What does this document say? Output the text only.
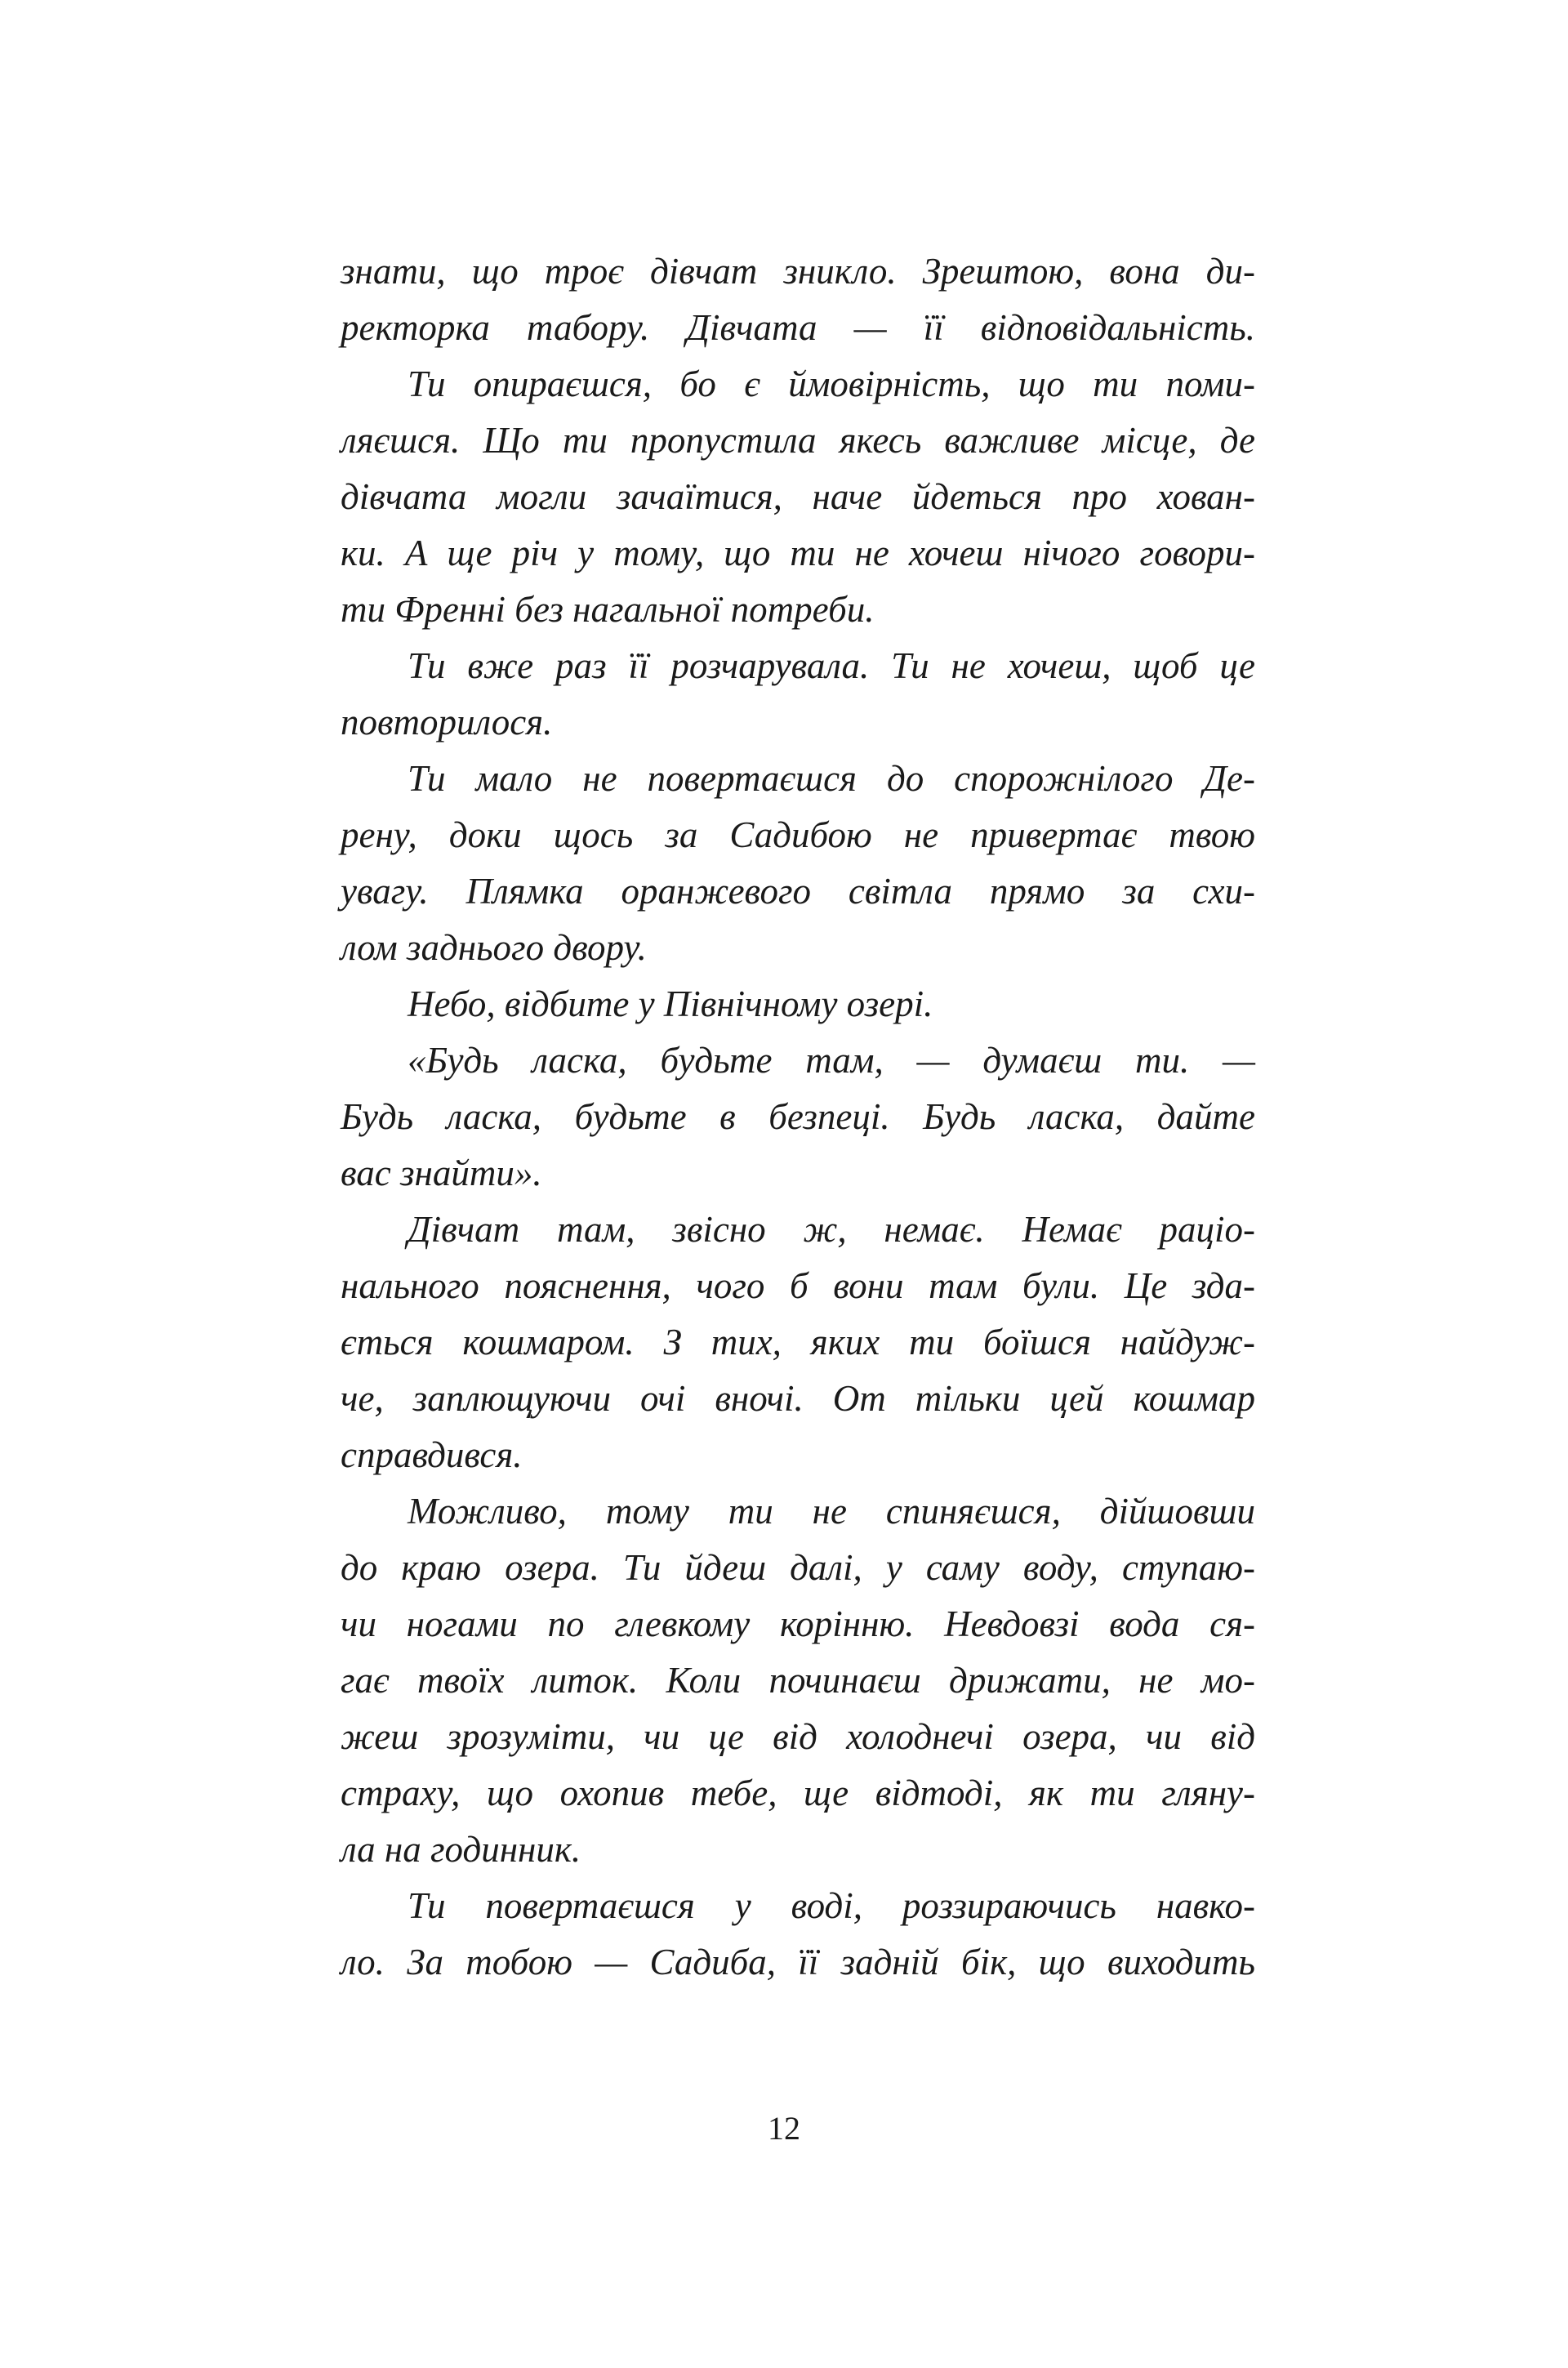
знати, що троє дівчат зникло. Зрештою, вона ди-
ректорка табору. Дівчата — її відповідальність.
Ти опираєшся, бо є ймовірність, що ти поми-
ляєшся. Що ти пропустила якесь важливе місце, де
дівчата могли зачаїтися, наче йдеться про хован-
ки. А ще річ у тому, що ти не хочеш нічого говори-
ти Френні без нагальної потреби.
Ти вже раз її розчарувала. Ти не хочеш, щоб це
повторилося.
Ти мало не повертаєшся до спорожнілого Де-
рену, доки щось за Садибою не привертає твою
увагу. Плямка оранжевого світла прямо за схи-
лом заднього двору.
Небо, відбите у Північному озері.
«Будь ласка, будьте там, — думаєш ти. —
Будь ласка, будьте в безпеці. Будь ласка, дайте
вас знайти».
Дівчат там, звісно ж, немає. Немає раціо-
нального пояснення, чого б вони там були. Це зда-
ється кошмаром. З тих, яких ти боїшся найдуж-
че, заплющуючи очі вночі. От тільки цей кошмар
справдився.
Можливо, тому ти не спиняєшся, дійшовши
до краю озера. Ти йдеш далі, у саму воду, ступаю-
чи ногами по глевкому корінню. Невдовзі вода ся-
гає твоїх литок. Коли починаєш дрижати, не мо-
жеш зрозуміти, чи це від холоднечі озера, чи від
страху, що охопив тебе, ще відтоді, як ти гляну-
ла на годинник.
Ти повертаєшся у воді, роззираючись навко-
ло. За тобою — Садиба, її задній бік, що виходить
12
